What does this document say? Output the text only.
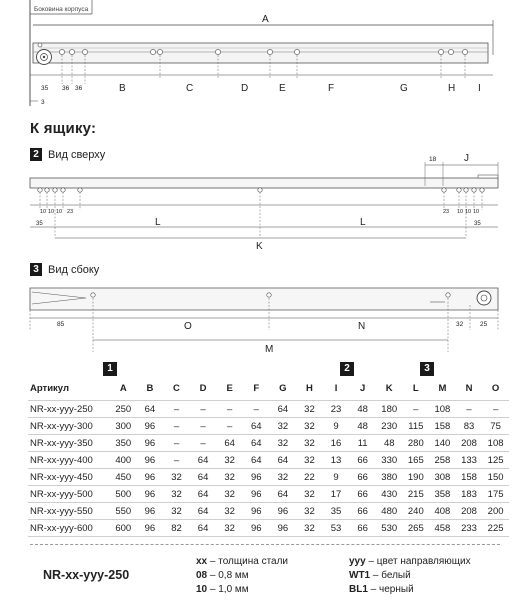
Боковина корпуса
A
35 36 36
3
B	C	D	E	F	G	H I
К ящику:
2 Вид сверху	18	J
10 10 10 23	23 10 10 10
35	35
L	L
K
3 Вид сбоку
85	O	N	32	25
M
1	2	3
Артикул	A	B	C	D	E	F	G	H	I	J	K	L	M	N	O
NR-xx-yyy-250	250	64	–	–	–	–	64	32	23	48	180	–	108	–	–
NR-xx-yyy-300	300	96	–	–	–	64	32	32	9	48	230	115	158	83	75
NR-xx-yyy-350	350	96	–	–	64	64	32	32	16	11	48	280	140	208	108
NR-xx-yyy-400	400	96	–	64	32	64	64	32	13	66	330	165	258	133	125
NR-xx-yyy-450	450	96	32	64	32	96	32	22	9	66	380	190	308	158	150
NR-xx-yyy-500	500	96	32	64	32	96	64	32	17	66	430	215	358	183	175
NR-xx-yyy-550	550	96	32	64	32	96	96	32	35	66	480	240	408	208	200
NR-xx-yyy-600	600	96	82	64	32	96	96	32	53	66	530	265	458	233	225
NR-xx-yyy-250
xx – толщина стали
08 – 0,8 мм
10 – 1,0 мм
yyy – цвет направляющих
WT1 – белый
BL1 – черный
